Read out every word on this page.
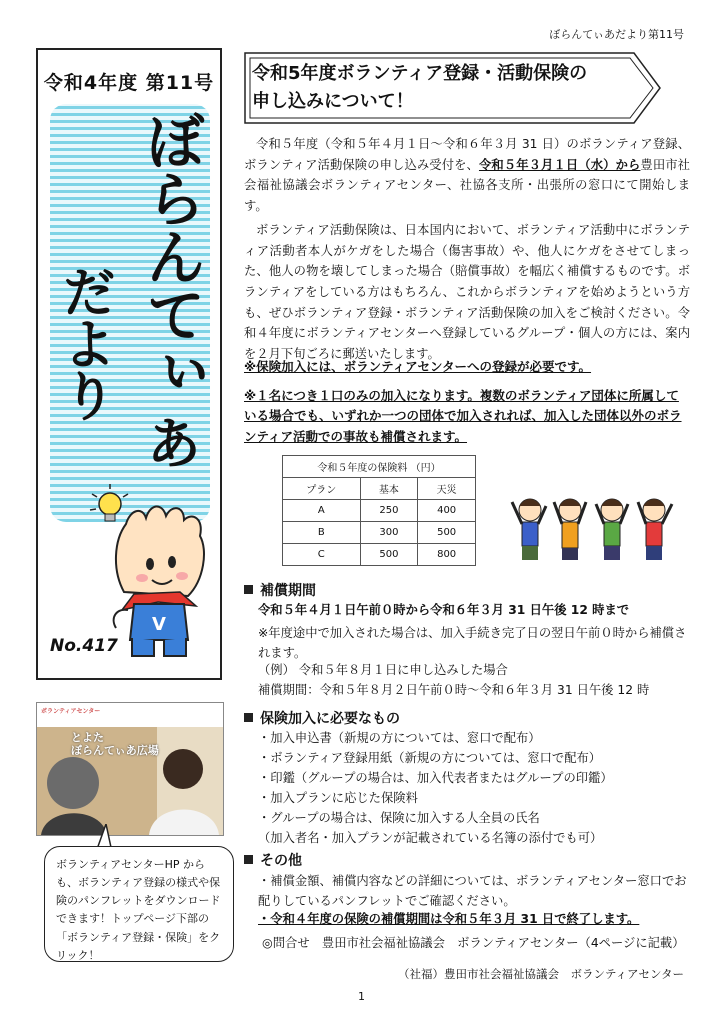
ぼらんてぃあだより第11号
令和4年度 第11号
ぼらんてぃ
だより
あ
V
No.417
ボランティアセンター
とよた
ぼらんてぃあ広場
ボランティアセンターHP からも、ボランティア登録の様式や保険のパンフレットをダウンロードできます！トップページ下部の「ボランティア登録・保険」をクリック！
令和5年度ボランティア登録・活動保険の
申し込みについて！
令和５年度（令和５年４月１日～令和６年３月 31 日）のボランティア登録、ボランティア活動保険の申し込み受付を、令和５年３月１日（水）から豊田市社会福祉協議会ボランティアセンター、社協各支所・出張所の窓口にて開始します。
ボランティア活動保険は、日本国内において、ボランティア活動中にボランティア活動者本人がケガをした場合（傷害事故）や、他人にケガをさせてしまった、他人の物を壊してしまった場合（賠償事故）を幅広く補償するものです。ボランティアをしている方はもちろん、これからボランティアを始めようという方も、ぜひボランティア登録・ボランティア活動保険の加入をご検討ください。令和４年度にボランティアセンターへ登録しているグループ・個人の方には、案内を２月下旬ごろに郵送いたします。
※保険加入には、ボランティアセンターへの登録が必要です。
※１名につき１口のみの加入になります。複数のボランティア団体に所属している場合でも、いずれか一つの団体で加入されれば、加入した団体以外のボランティア活動での事故も補償されます。
令和５年度の保険料 （円）		
プラン	基本	天災
A	250	400
B	300	500
C	500	800
補償期間
令和５年４月１日午前０時から令和６年３月 31 日午後 12 時まで
※年度途中で加入された場合は、加入手続き完了日の翌日午前０時から補償されます。
（例） 令和５年８月１日に申し込みした場合
補償期間：令和５年８月２日午前０時～令和６年３月 31 日午後 12 時
保険加入に必要なもの
・加入申込書（新規の方については、窓口で配布）
・ボランティア登録用紙（新規の方については、窓口で配布）
・印鑑（グループの場合は、加入代表者またはグループの印鑑）
・加入プランに応じた保険料
・グループの場合は、保険に加入する人全員の氏名
（加入者名・加入プランが記載されている名簿の添付でも可）
その他
・補償金額、補償内容などの詳細については、ボランティアセンター窓口でお配りしているパンフレットでご確認ください。
・令和４年度の保険の補償期間は令和５年３月 31 日で終了します。
◎問合せ　豊田市社会福祉協議会　ボランティアセンター（4ページに記載）
（社福）豊田市社会福祉協議会　ボランティアセンター
1
